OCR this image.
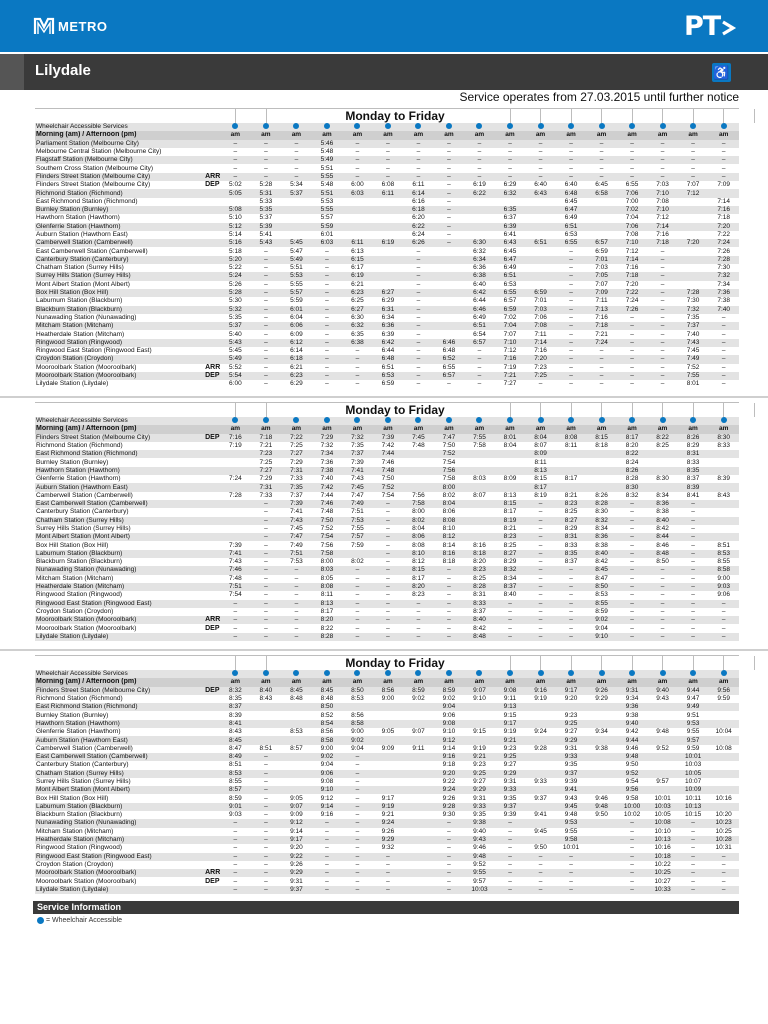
METRO	PT
Lilydale	♿
Service operates from 27.03.2015 until further notice
Monday to Friday
Wheelchair Accessible Services																		
Morning (am) / Afternoon (pm)		am	am	am	am	am	am	am	am	am	am	am	am	am	am	am	am	am
Parliament Station (Melbourne City)		–	–	–	5:46	–	–	–	–	–	–	–	–	–	–	–	–	–
Melbourne Central Station (Melbourne City)		–	–	–	5:48	–	–	–	–	–	–	–	–	–	–	–	–	–
Flagstaff Station (Melbourne City)		–	–	–	5:49	–	–	–	–	–	–	–	–	–	–	–	–	–
Southern Cross Station (Melbourne City)		–	–	–	5:51	–	–	–	–	–	–	–	–	–	–	–	–	–
Flinders Street Station (Melbourne City)	ARR	–	–	–	5:55	–	–	–	–	–	–	–	–	–	–	–	–	–
Flinders Street Station (Melbourne City)	DEP	5:02	5:28	5:34	5:48	6:00	6:08	6:11	–	6:19	6:29	6:40	6:40	6:45	6:55	7:03	7:07	7:09
Richmond Station (Richmond)		5:05	5:31	5:37	5:51	6:03	6:11	6:14	–	6:22	6:32	6:43	6:48	6:58	7:06	7:10	7:12	
East Richmond Station (Richmond)			5:33		5:53			6:16	–				6:45		7:00	7:08		7:14
Burnley Station (Burnley)		5:08	5:35		5:55			6:18	–		6:35		6:47		7:02	7:10		7:16
Hawthorn Station (Hawthorn)		5:10	5:37		5:57			6:20	–		6:37		6:49		7:04	7:12		7:18
Glenferrie Station (Hawthorn)		5:12	5:39		5:59			6:22	–		6:39		6:51		7:06	7:14		7:20
Auburn Station (Hawthorn East)		5:14	5:41		6:01			6:24	–		6:41		6:53		7:08	7:16		7:22
Camberwell Station (Camberwell)		5:16	5:43	5:45	6:03	6:11	6:19	6:26	–	6:30	6:43	6:51	6:55	6:57	7:10	7:18	7:20	7:24
East Camberwell Station (Camberwell)		5:18	–	5:47	–	6:13		–		6:32	6:45		–	6:59	7:12	–		7:26
Canterbury Station (Canterbury)		5:20	–	5:49	–	6:15		–		6:34	6:47		–	7:01	7:14	–		7:28
Chatham Station (Surrey Hills)		5:22	–	5:51	–	6:17		–		6:36	6:49		–	7:03	7:16	–		7:30
Surrey Hills Station (Surrey Hills)		5:24	–	5:53	–	6:19		–		6:38	6:51		–	7:05	7:18	–		7:32
Mont Albert Station (Mont Albert)		5:26	–	5:55	–	6:21		–		6:40	6:53		–	7:07	7:20	–		7:34
Box Hill Station (Box Hill)		5:28	–	5:57	–	6:23	6:27	–		6:42	6:55	6:59	–	7:09	7:22	–	7:28	7:36
Laburnum Station (Blackburn)		5:30	–	5:59	–	6:25	6:29	–		6:44	6:57	7:01	–	7:11	7:24	–	7:30	7:38
Blackburn Station (Blackburn)		5:32	–	6:01	–	6:27	6:31	–		6:46	6:59	7:03	–	7:13	7:26	–	7:32	7:40
Nunawading Station (Nunawading)		5:35	–	6:04	–	6:30	6:34	–		6:49	7:02	7:06	–	7:16	–	–	7:35	–
Mitcham Station (Mitcham)		5:37	–	6:06	–	6:32	6:36	–		6:51	7:04	7:08	–	7:18	–	–	7:37	–
Heatherdale Station (Mitcham)		5:40	–	6:09	–	6:35	6:39	–		6:54	7:07	7:11	–	7:21	–	–	7:40	–
Ringwood Station (Ringwood)		5:43	–	6:12	–	6:38	6:42	–	6:46	6:57	7:10	7:14	–	7:24	–	–	7:43	–
Ringwood East Station (Ringwood East)		5:45	–	6:14	–	–	6:44	–	6:48	–	7:12	7:16	–	–	–	–	7:45	–
Croydon Station (Croydon)		5:49	–	6:18	–	–	6:48	–	6:52	–	7:16	7:20	–	–	–	–	7:49	–
Mooroolbark Station (Mooroolbark)	ARR	5:52	–	6:21	–	–	6:51	–	6:55	–	7:19	7:23	–	–	–	–	7:52	–
Mooroolbark Station (Mooroolbark)	DEP	5:54	–	6:23	–	–	6:53	–	6:57	–	7:21	7:25	–	–	–	–	7:55	–
Lilydale Station (Lilydale)		6:00	–	6:29	–	–	6:59	–	–	–	7:27	–	–	–	–	–	8:01	–
Monday to Friday
Wheelchair Accessible Services																		
Morning (am) / Afternoon (pm)		am	am	am	am	am	am	am	am	am	am	am	am	am	am	am	am	am
Flinders Street Station (Melbourne City)	DEP	7:16	7:18	7:22	7:29	7:32	7:39	7:45	7:47	7:55	8:01	8:04	8:08	8:15	8:17	8:22	8:26	8:30
Richmond Station (Richmond)		7:19	7:21	7:25	7:32	7:35	7:42	7:48	7:50	7:58	8:04	8:07	8:11	8:18	8:20	8:25	8:29	8:33
East Richmond Station (Richmond)			7:23	7:27	7:34	7:37	7:44		7:52			8:09			8:22		8:31	
Burnley Station (Burnley)			7:25	7:29	7:36	7:39	7:46		7:54			8:11			8:24		8:33	
Hawthorn Station (Hawthorn)			7:27	7:31	7:38	7:41	7:48		7:56			8:13			8:26		8:35	
Glenferrie Station (Hawthorn)		7:24	7:29	7:33	7:40	7:43	7:50		7:58	8:03	8:09	8:15	8:17		8:28	8:30	8:37	8:39
Auburn Station (Hawthorn East)			7:31	7:35	7:42	7:45	7:52		8:00			8:17			8:30		8:39	
Camberwell Station (Camberwell)		7:28	7:33	7:37	7:44	7:47	7:54	7:56	8:02	8:07	8:13	8:19	8:21	8:26	8:32	8:34	8:41	8:43
East Camberwell Station (Camberwell)			–	7:39	7:46	7:49	–	7:58	8:04		8:15	–	8:23	8:28	–	8:36	–	
Canterbury Station (Canterbury)			–	7:41	7:48	7:51	–	8:00	8:06		8:17	–	8:25	8:30	–	8:38	–	
Chatham Station (Surrey Hills)			–	7:43	7:50	7:53	–	8:02	8:08		8:19	–	8:27	8:32	–	8:40	–	
Surrey Hills Station (Surrey Hills)			–	7:45	7:52	7:55	–	8:04	8:10		8:21	–	8:29	8:34	–	8:42	–	
Mont Albert Station (Mont Albert)			–	7:47	7:54	7:57	–	8:06	8:12		8:23	–	8:31	8:36	–	8:44	–	
Box Hill Station (Box Hill)		7:39	–	7:49	7:56	7:59	–	8:08	8:14	8:16	8:25	–	8:33	8:38	–	8:46	–	8:51
Laburnum Station (Blackburn)		7:41	–	7:51	7:58		–	8:10	8:16	8:18	8:27	–	8:35	8:40	–	8:48	–	8:53
Blackburn Station (Blackburn)		7:43	–	7:53	8:00	8:02	–	8:12	8:18	8:20	8:29	–	8:37	8:42	–	8:50	–	8:55
Nunawading Station (Nunawading)		7:46	–	–	8:03	–	–	8:15	–	8:23	8:32	–	–	8:45	–	–	–	8:58
Mitcham Station (Mitcham)		7:48	–	–	8:05	–	–	8:17	–	8:25	8:34	–	–	8:47	–	–	–	9:00
Heatherdale Station (Mitcham)		7:51	–	–	8:08	–	–	8:20	–	8:28	8:37	–	–	8:50	–	–	–	9:03
Ringwood Station (Ringwood)		7:54	–	–	8:11	–	–	8:23	–	8:31	8:40	–	–	8:53	–	–	–	9:06
Ringwood East Station (Ringwood East)		–	–	–	8:13	–	–	–	–	8:33	–	–	–	8:55	–	–	–	–
Croydon Station (Croydon)		–	–	–	8:17	–	–	–	–	8:37	–	–	–	8:59	–	–	–	–
Mooroolbark Station (Mooroolbark)	ARR	–	–	–	8:20	–	–	–	–	8:40	–	–	–	9:02	–	–	–	–
Mooroolbark Station (Mooroolbark)	DEP	–	–	–	8:22	–	–	–	–	8:42	–	–	–	9:04	–	–	–	–
Lilydale Station (Lilydale)		–	–	–	8:28	–	–	–	–	8:48	–	–	–	9:10	–	–	–	–
Monday to Friday
Wheelchair Accessible Services																		
Morning (am) / Afternoon (pm)		am	am	am	am	am	am	am	am	am	am	am	am	am	am	am	am	am
Flinders Street Station (Melbourne City)	DEP	8:32	8:40	8:45	8:45	8:50	8:56	8:59	8:59	9:07	9:08	9:16	9:17	9:26	9:31	9:40	9:44	9:56
Richmond Station (Richmond)		8:35	8:43	8:48	8:48	8:53	9:00	9:02	9:02	9:10	9:11	9:19	9:20	9:29	9:34	9:43	9:47	9:59
East Richmond Station (Richmond)		8:37			8:50				9:04		9:13				9:36		9:49	
Burnley Station (Burnley)		8:39			8:52	8:56			9:06		9:15		9:23		9:38		9:51	
Hawthorn Station (Hawthorn)		8:41			8:54	8:58			9:08		9:17		9:25		9:40		9:53	
Glenferrie Station (Hawthorn)		8:43		8:53	8:56	9:00	9:05	9:07	9:10	9:15	9:19	9:24	9:27	9:34	9:42	9:48	9:55	10:04
Auburn Station (Hawthorn East)		8:45			8:58	9:02			9:12		9:21		9:29		9:44		9:57	
Camberwell Station (Camberwell)		8:47	8:51	8:57	9:00	9:04	9:09	9:11	9:14	9:19	9:23	9:28	9:31	9:38	9:46	9:52	9:59	10:08
East Camberwell Station (Camberwell)		8:49	–		9:02	–			9:16	9:21	9:25		9:33		9:48		10:01	
Canterbury Station (Canterbury)		8:51	–		9:04	–			9:18	9:23	9:27		9:35		9:50		10:03	
Chatham Station (Surrey Hills)		8:53	–		9:06	–			9:20	9:25	9:29		9:37		9:52		10:05	
Surrey Hills Station (Surrey Hills)		8:55	–		9:08	–			9:22	9:27	9:31	9:33	9:39		9:54	9:57	10:07	
Mont Albert Station (Mont Albert)		8:57	–		9:10	–			9:24	9:29	9:33		9:41		9:56		10:09	
Box Hill Station (Box Hill)		8:59	–	9:05	9:12	–	9:17		9:26	9:31	9:35	9:37	9:43	9:46	9:58	10:01	10:11	10:16
Laburnum Station (Blackburn)		9:01	–	9:07	9:14	–	9:19		9:28	9:33	9:37		9:45	9:48	10:00	10:03	10:13	
Blackburn Station (Blackburn)		9:03	–	9:09	9:16	–	9:21		9:30	9:35	9:39	9:41	9:48	9:50	10:02	10:05	10:15	10:20
Nunawading Station (Nunawading)		–	–	9:12	–	–	9:24		–	9:38	–		9:53		–	10:08	–	10:23
Mitcham Station (Mitcham)		–	–	9:14	–	–	9:26		–	9:40	–	9:45	9:55		–	10:10	–	10:25
Heatherdale Station (Mitcham)		–	–	9:17	–	–	9:29		–	9:43	–		9:58		–	10:13	–	10:28
Ringwood Station (Ringwood)		–	–	9:20	–	–	9:32		–	9:46	–	9:50	10:01		–	10:16	–	10:31
Ringwood East Station (Ringwood East)		–	–	9:22	–	–	–		–	9:48	–	–	–		–	10:18	–	–
Croydon Station (Croydon)		–	–	9:26	–	–	–		–	9:52	–	–	–		–	10:22	–	–
Mooroolbark Station (Mooroolbark)	ARR	–	–	9:29	–	–	–		–	9:55	–	–	–		–	10:25	–	–
Mooroolbark Station (Mooroolbark)	DEP	–	–	9:31	–	–	–		–	9:57	–	–	–		–	10:27	–	–
Lilydale Station (Lilydale)		–	–	9:37	–	–	–		–	10:03	–	–	–		–	10:33	–	–
Service Information
= Wheelchair Accessible
